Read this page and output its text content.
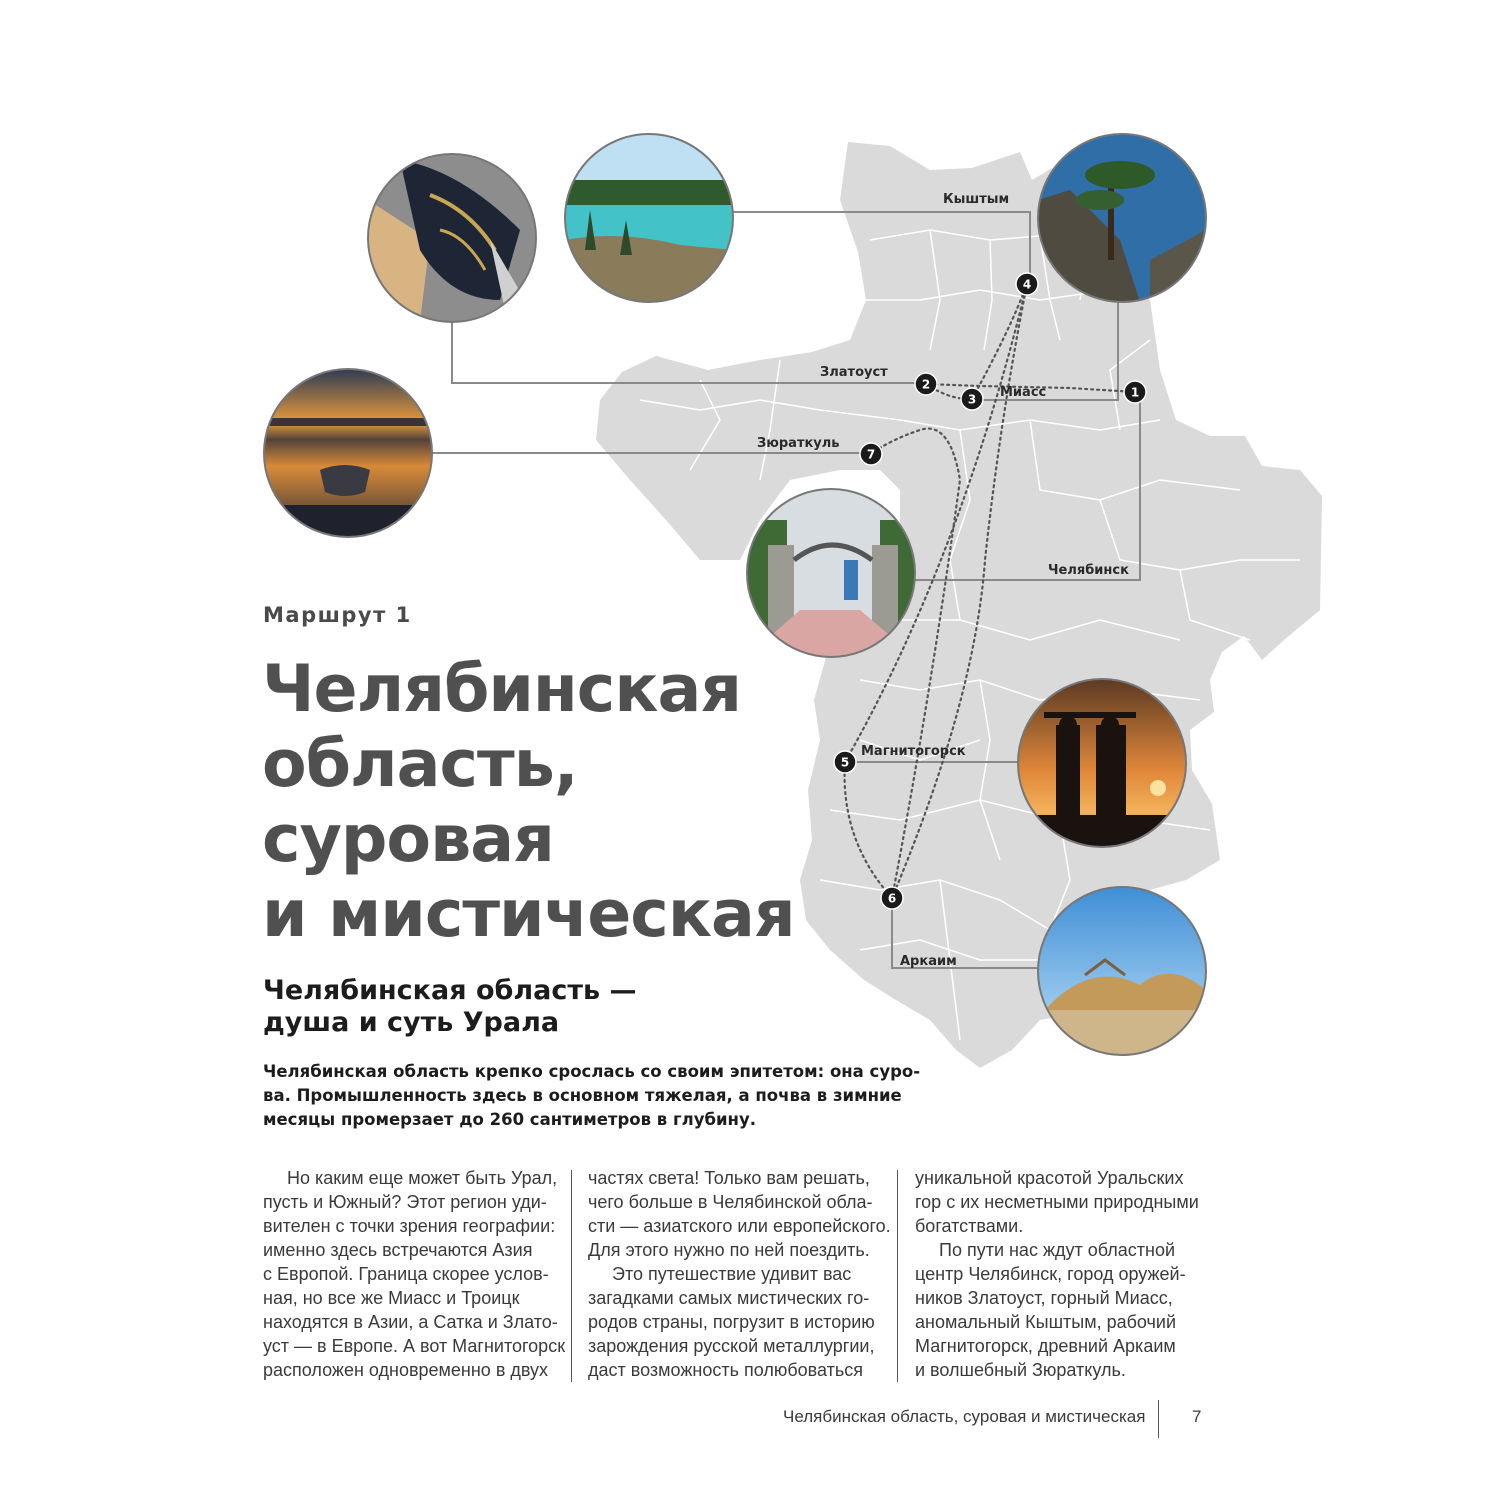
1
2
3
4
5
6
7
Кыштым
Златоуст
Миасс
Зюраткуль
Челябинск
Магнитогорск
Аркаим
Маршрут 1
Челябинская
область,
суровая
и мистическая
Челябинская область —
душа и суть Урала
Челябинская область крепко срослась со своим эпитетом: она суро-
ва. Промышленность здесь в основном тяжелая, а почва в зимние
месяцы промерзает до 260 сантиметров в глубину.
Но каким еще может быть Урал,
пусть и Южный? Этот регион уди-
вителен с точки зрения географии:
именно здесь встречаются Азия
с Европой. Граница скорее услов-
ная, но все же Миасс и Троицк
находятся в Азии, а Сатка и Злато-
уст — в Европе. А вот Магнитогорск
расположен одновременно в двух
частях света! Только вам решать,
чего больше в Челябинской обла-
сти — азиатского или европейского.
Для этого нужно по ней поездить.
Это путешествие удивит вас
загадками самых мистических го-
родов страны, погрузит в историю
зарождения русской металлургии,
даст возможность полюбоваться
уникальной красотой Уральских
гор с их несметными природными
богатствами.
По пути нас ждут областной
центр Челябинск, город оружей-
ников Златоуст, горный Миасс,
аномальный Кыштым, рабочий
Магнитогорск, древний Аркаим
и волшебный Зюраткуль.
Челябинская область, суровая и мистическая	7
